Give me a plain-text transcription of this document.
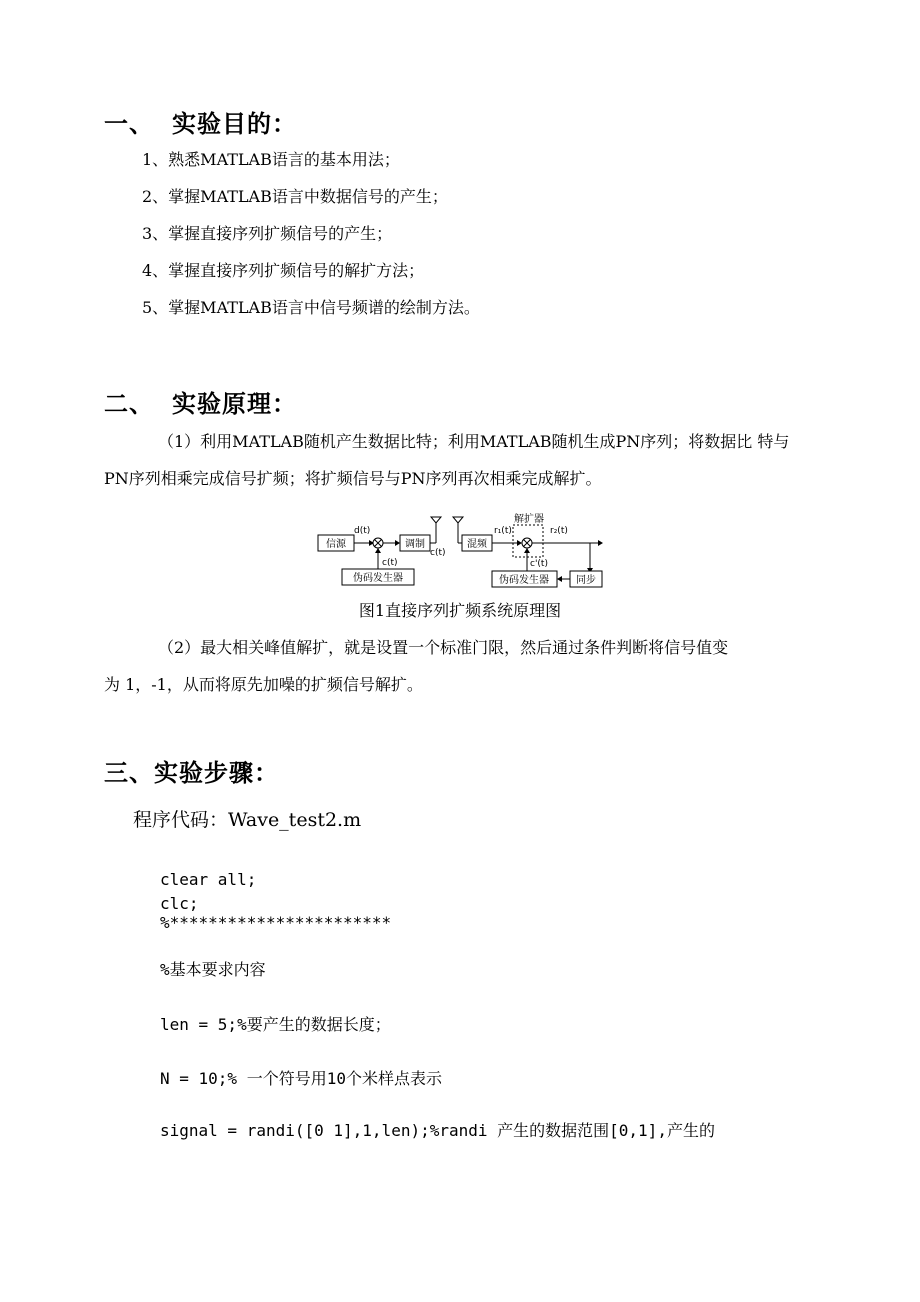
一、 实验目的：
1、熟悉MATLAB语言的基本用法；
2、掌握MATLAB语言中数据信号的产生；
3、掌握直接序列扩频信号的产生；
4、掌握直接序列扩频信号的解扩方法；
5、掌握MATLAB语言中信号频谱的绘制方法。
二、 实验原理：
（1）利用MATLAB随机产生数据比特；利用MATLAB随机生成PN序列；将数据比 特与
PN序列相乘完成信号扩频；将扩频信号与PN序列再次相乘完成解扩。
信源
d(t)
调制
c(t)
c(t)
伪码发生器
混频
r₁(t)
解扩器
r₂(t)
同步
伪码发生器
c'(t)
图1直接序列扩频系统原理图
（2）最大相关峰值解扩，就是设置一个标准门限，然后通过条件判断将信号值变
为 1，-1，从而将原先加噪的扩频信号解扩。
三、实验步骤：
程序代码：Wave_test2.m
clear all;
clc;
%***********************
%基本要求内容
len = 5;%要产生的数据长度；
N = 10;% 一个符号用10个米样点表示
signal = randi([0 1],1,len);%randi 产生的数据范围[0,1],产生的
